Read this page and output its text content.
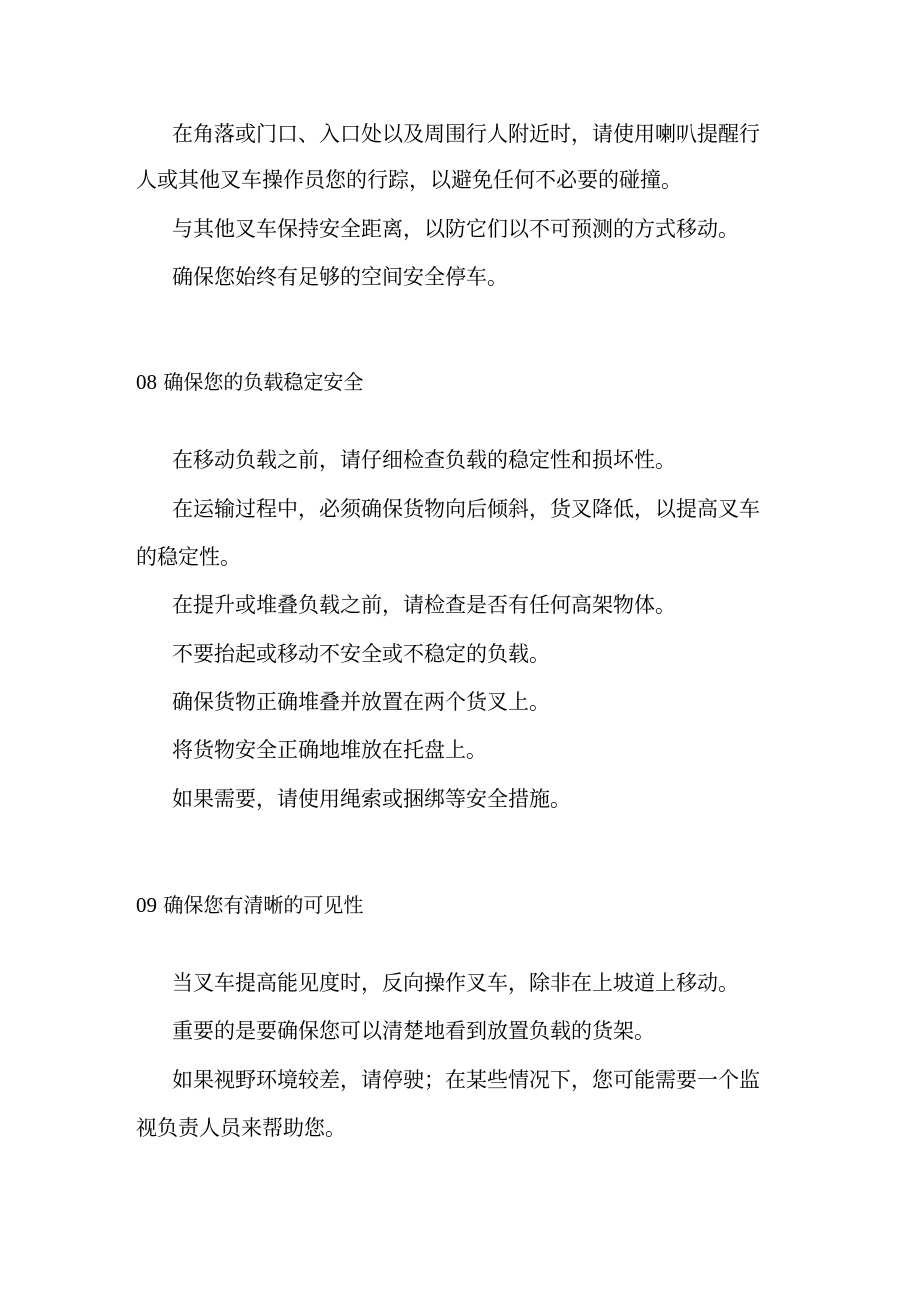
在角落或门口、入口处以及周围行人附近时，请使用喇叭提醒行
人或其他叉车操作员您的行踪，以避免任何不必要的碰撞。
与其他叉车保持安全距离，以防它们以不可预测的方式移动。
确保您始终有足够的空间安全停车。
08 确保您的负载稳定安全
在移动负载之前，请仔细检查负载的稳定性和损坏性。
在运输过程中，必须确保货物向后倾斜，货叉降低，以提高叉车
的稳定性。
在提升或堆叠负载之前，请检查是否有任何高架物体。
不要抬起或移动不安全或不稳定的负载。
确保货物正确堆叠并放置在两个货叉上。
将货物安全正确地堆放在托盘上。
如果需要，请使用绳索或捆绑等安全措施。
09 确保您有清晰的可见性
当叉车提高能见度时，反向操作叉车，除非在上坡道上移动。
重要的是要确保您可以清楚地看到放置负载的货架。
如果视野环境较差，请停驶；在某些情况下，您可能需要一个监
视负责人员来帮助您。
